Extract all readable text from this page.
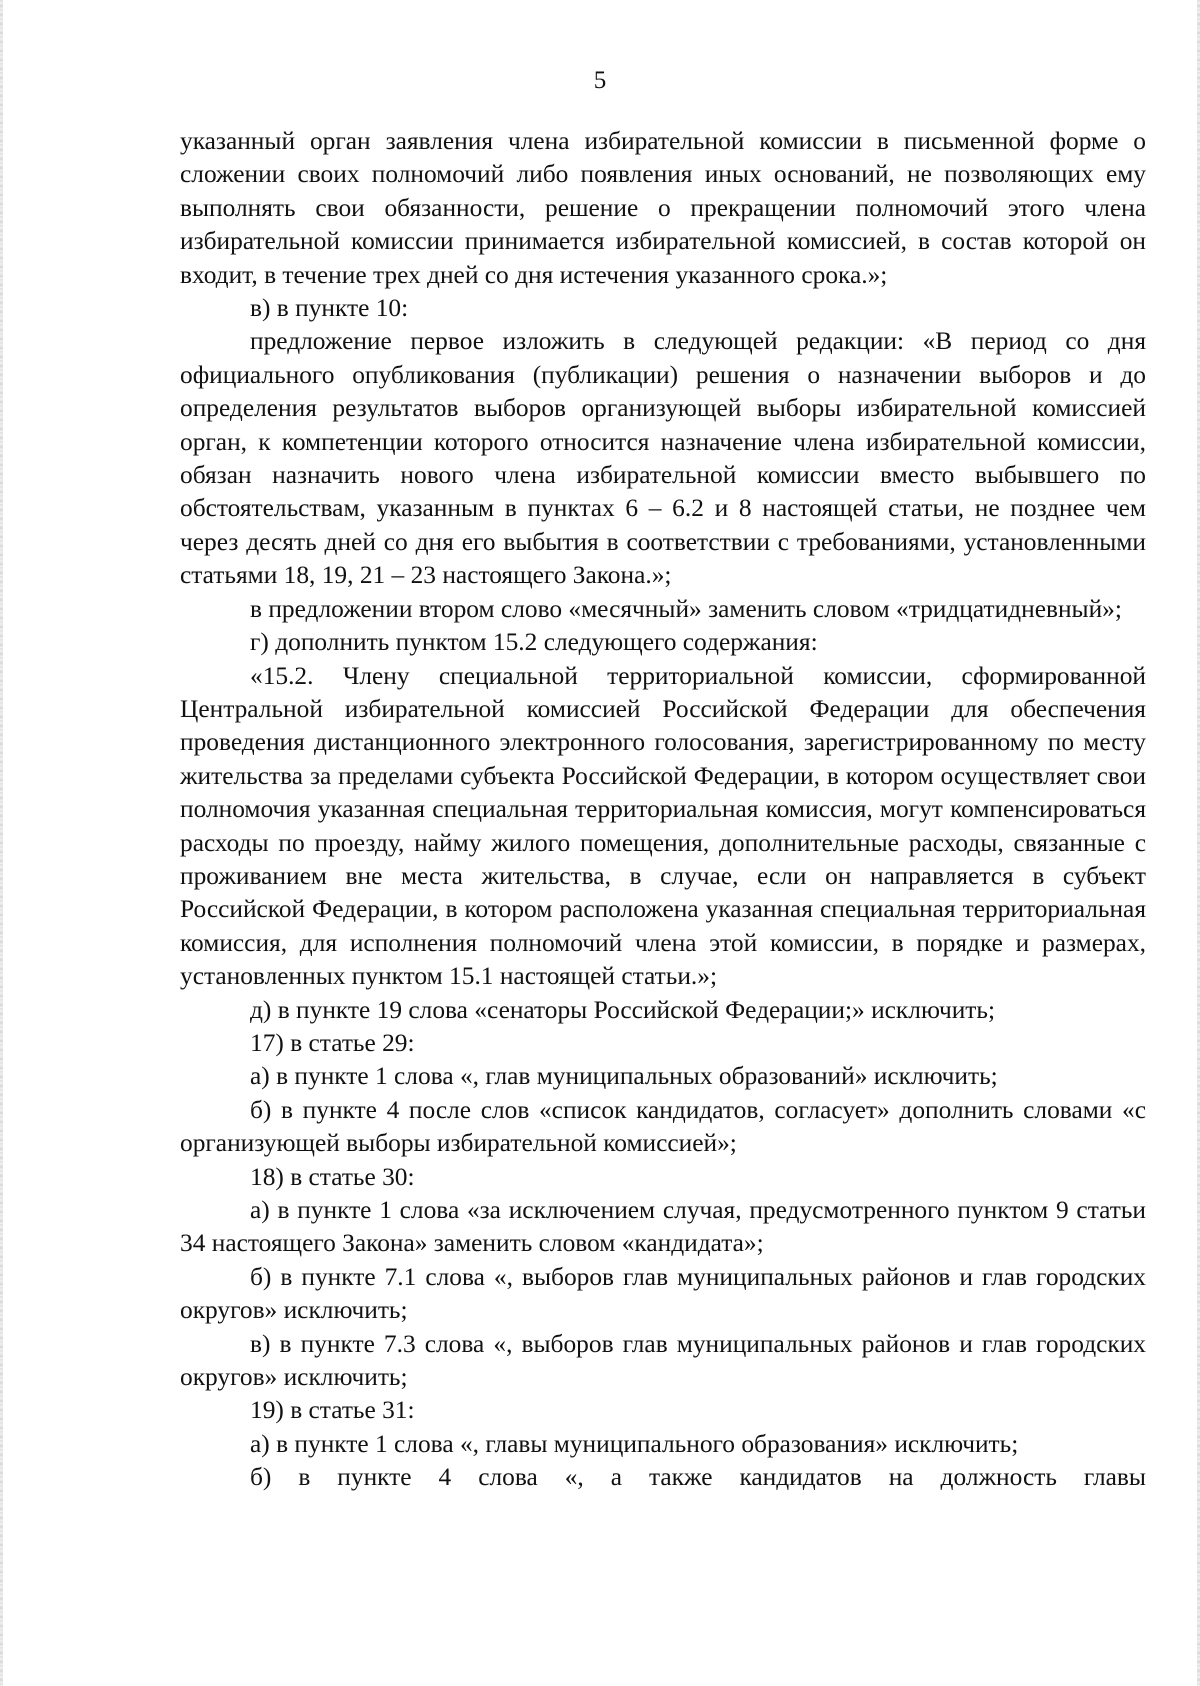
5

указанный орган заявления члена избирательной комиссии в письменной форме о сложении своих полномочий либо появления иных оснований, не позволяющих ему выполнять свои обязанности, решение о прекращении полномочий этого члена избирательной комиссии принимается избирательной комиссией, в состав которой он входит, в течение трех дней со дня истечения указанного срока.»;

в) в пункте 10:

предложение первое изложить в следующей редакции: «В период со дня официального опубликования (публикации) решения о назначении выборов и до определения результатов выборов организующей выборы избирательной комиссией орган, к компетенции которого относится назначение члена избирательной комиссии, обязан назначить нового члена избирательной комиссии вместо выбывшего по обстоятельствам, указанным в пунктах 6 – 6.2 и 8 настоящей статьи, не позднее чем через десять дней со дня его выбытия в соответствии с требованиями, установленными статьями 18, 19, 21 – 23 настоящего Закона.»;

в предложении втором слово «месячный» заменить словом «тридцатидневный»;

г) дополнить пунктом 15.2 следующего содержания:

«15.2. Члену специальной территориальной комиссии, сформированной Центральной избирательной комиссией Российской Федерации для обеспечения проведения дистанционного электронного голосования, зарегистрированному по месту жительства за пределами субъекта Российской Федерации, в котором осуществляет свои полномочия указанная специальная территориальная комиссия, могут компенсироваться расходы по проезду, найму жилого помещения, дополнительные расходы, связанные с проживанием вне места жительства, в случае, если он направляется в субъект Российской Федерации, в котором расположена указанная специальная территориальная комиссия, для исполнения полномочий члена этой комиссии, в порядке и размерах, установленных пунктом 15.1 настоящей статьи.»;

д) в пункте 19 слова «сенаторы Российской Федерации;» исключить;

17) в статье 29:

а) в пункте 1 слова «, глав муниципальных образований» исключить;

б) в пункте 4 после слов «список кандидатов, согласует» дополнить словами «с организующей выборы избирательной комиссией»;

18) в статье 30:

а) в пункте 1 слова «за исключением случая, предусмотренного пунктом 9 статьи 34 настоящего Закона» заменить словом «кандидата»;

б) в пункте 7.1 слова «, выборов глав муниципальных районов и глав городских округов» исключить;

в) в пункте 7.3 слова «, выборов глав муниципальных районов и глав городских округов» исключить;

19) в статье 31:

а) в пункте 1 слова «, главы муниципального образования» исключить;

б) в пункте 4 слова «, а также кандидатов на должность главы
